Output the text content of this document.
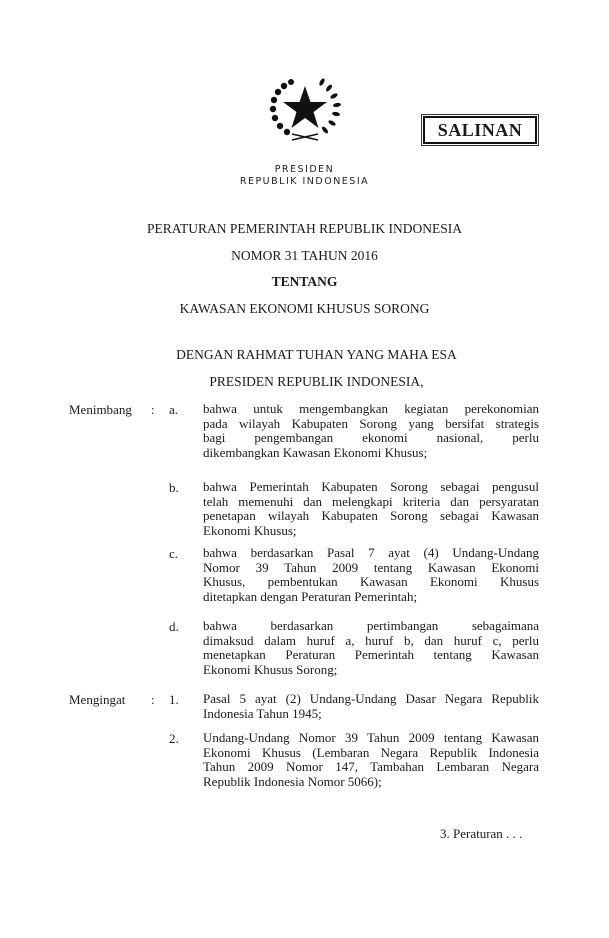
SALINAN
PRESIDEN
REPUBLIK INDONESIA
PERATURAN PEMERINTAH REPUBLIK INDONESIA
NOMOR 31 TAHUN 2016
TENTANG
KAWASAN EKONOMI KHUSUS SORONG
DENGAN RAHMAT TUHAN YANG MAHA ESA
PRESIDEN REPUBLIK INDONESIA,
Menimbang : a. bahwa untuk mengembangkan kegiatan perekonomian
pada wilayah Kabupaten Sorong yang bersifat strategis
bagi pengembangan ekonomi nasional, perlu
dikembangkan Kawasan Ekonomi Khusus;
b. bahwa Pemerintah Kabupaten Sorong sebagai pengusul
telah memenuhi dan melengkapi kriteria dan persyaratan
penetapan wilayah Kabupaten Sorong sebagai Kawasan
Ekonomi Khusus;
c. bahwa berdasarkan Pasal 7 ayat (4) Undang-Undang
Nomor 39 Tahun 2009 tentang Kawasan Ekonomi
Khusus, pembentukan Kawasan Ekonomi Khusus
ditetapkan dengan Peraturan Pemerintah;
d. bahwa berdasarkan pertimbangan sebagaimana
dimaksud dalam huruf a, huruf b, dan huruf c, perlu
menetapkan Peraturan Pemerintah tentang Kawasan
Ekonomi Khusus Sorong;
Mengingat : 1. Pasal 5 ayat (2) Undang-Undang Dasar Negara Republik
Indonesia Tahun 1945;
2. Undang-Undang Nomor 39 Tahun 2009 tentang Kawasan
Ekonomi Khusus (Lembaran Negara Republik Indonesia
Tahun 2009 Nomor 147, Tambahan Lembaran Negara
Republik Indonesia Nomor 5066);
3. Peraturan . . .
